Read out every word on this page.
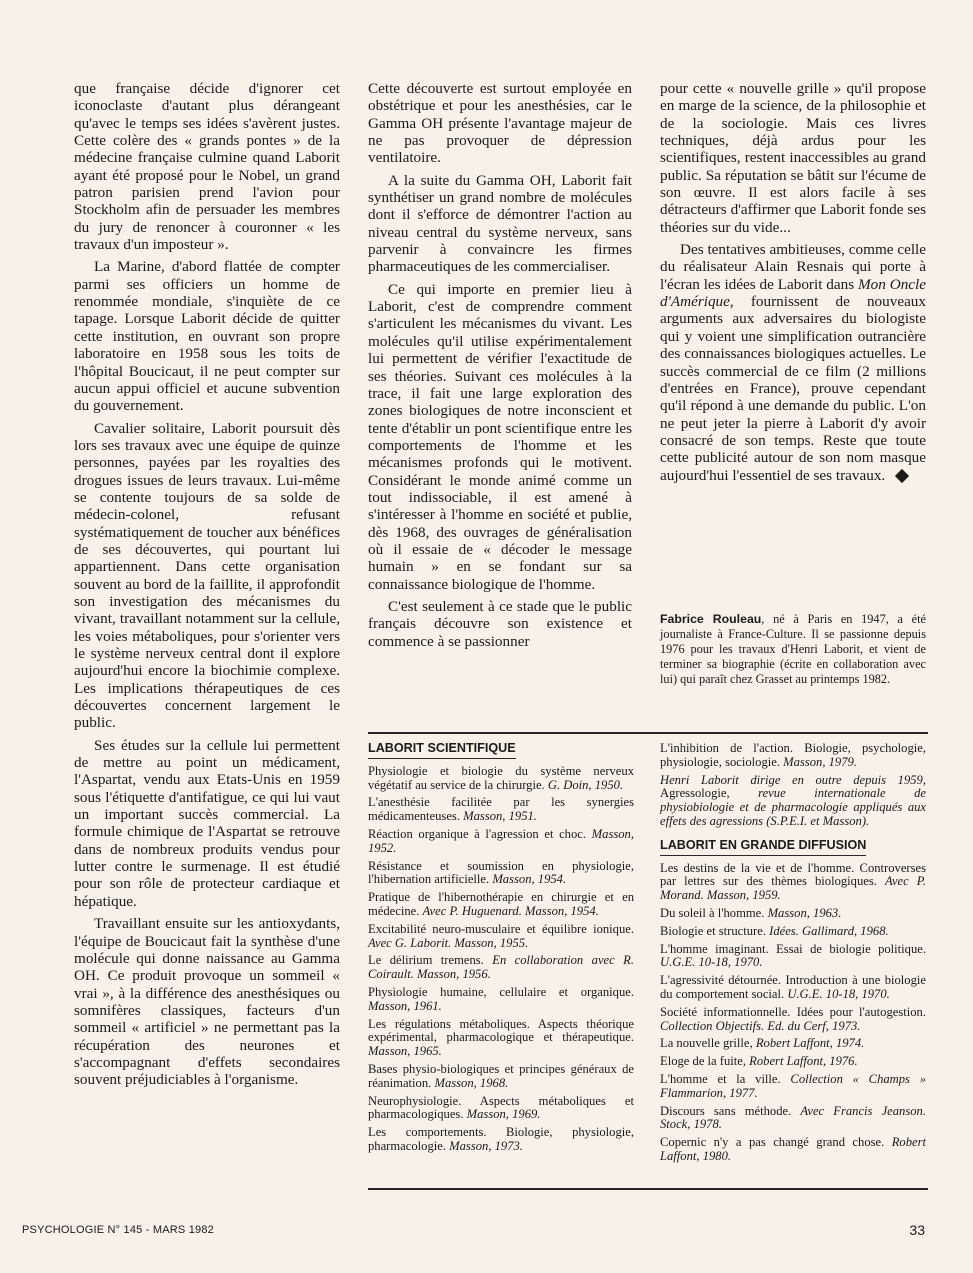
que française décide d'ignorer cet iconoclaste d'autant plus dérangeant qu'avec le temps ses idées s'avèrent justes. Cette colère des « grands pontes » de la médecine française culmine quand Laborit ayant été proposé pour le Nobel, un grand patron parisien prend l'avion pour Stockholm afin de persuader les membres du jury de renoncer à couronner « les travaux d'un imposteur ».

La Marine, d'abord flattée de compter parmi ses officiers un homme de renommée mondiale, s'inquiète de ce tapage. Lorsque Laborit décide de quitter cette institution, en ouvrant son propre laboratoire en 1958 sous les toits de l'hôpital Boucicaut, il ne peut compter sur aucun appui officiel et aucune subvention du gouvernement.

Cavalier solitaire, Laborit poursuit dès lors ses travaux avec une équipe de quinze personnes, payées par les royalties des drogues issues de leurs travaux. Lui-même se contente toujours de sa solde de médecin-colonel, refusant systématiquement de toucher aux bénéfices de ses découvertes, qui pourtant lui appartiennent. Dans cette organisation souvent au bord de la faillite, il approfondit son investigation des mécanismes du vivant, travaillant notamment sur la cellule, les voies métaboliques, pour s'orienter vers le système nerveux central dont il explore aujourd'hui encore la biochimie complexe. Les implications thérapeutiques de ces découvertes concernent largement le public.

Ses études sur la cellule lui permettent de mettre au point un médicament, l'Aspartat, vendu aux Etats-Unis en 1959 sous l'étiquette d'antifatigue, ce qui lui vaut un important succès commercial. La formule chimique de l'Aspartat se retrouve dans de nombreux produits vendus pour lutter contre le surmenage. Il est étudié pour son rôle de protecteur cardiaque et hépatique.

Travaillant ensuite sur les antioxydants, l'équipe de Boucicaut fait la synthèse d'une molécule qui donne naissance au Gamma OH. Ce produit provoque un sommeil « vrai », à la différence des anesthésiques ou somnifères classiques, facteurs d'un sommeil « artificiel » ne permettant pas la récupération des neurones et s'accompagnant d'effets secondaires souvent préjudiciables à l'organisme.

Cette découverte est surtout employée en obstétrique et pour les anesthésies, car le Gamma OH présente l'avantage majeur de ne pas provoquer de dépression ventilatoire.

A la suite du Gamma OH, Laborit fait synthétiser un grand nombre de molécules dont il s'efforce de démontrer l'action au niveau central du système nerveux, sans parvenir à convaincre les firmes pharmaceutiques de les commercialiser.

Ce qui importe en premier lieu à Laborit, c'est de comprendre comment s'articulent les mécanismes du vivant. Les molécules qu'il utilise expérimentalement lui permettent de vérifier l'exactitude de ses théories. Suivant ces molécules à la trace, il fait une large exploration des zones biologiques de notre inconscient et tente d'établir un pont scientifique entre les comportements de l'homme et les mécanismes profonds qui le motivent. Considérant le monde animé comme un tout indissociable, il est amené à s'intéresser à l'homme en société et publie, dès 1968, des ouvrages de généralisation où il essaie de « décoder le message humain » en se fondant sur sa connaissance biologique de l'homme.

C'est seulement à ce stade que le public français découvre son existence et commence à se passionner

pour cette « nouvelle grille » qu'il propose en marge de la science, de la philosophie et de la sociologie. Mais ces livres techniques, déjà ardus pour les scientifiques, restent inaccessibles au grand public. Sa réputation se bâtit sur l'écume de son œuvre. Il est alors facile à ses détracteurs d'affirmer que Laborit fonde ses théories sur du vide...

Des tentatives ambitieuses, comme celle du réalisateur Alain Resnais qui porte à l'écran les idées de Laborit dans Mon Oncle d'Amérique, fournissent de nouveaux arguments aux adversaires du biologiste qui y voient une simplification outrancière des connaissances biologiques actuelles. Le succès commercial de ce film (2 millions d'entrées en France), prouve cependant qu'il répond à une demande du public. L'on ne peut jeter la pierre à Laborit d'y avoir consacré de son temps. Reste que toute cette publicité autour de son nom masque aujourd'hui l'essentiel de ses travaux.

Fabrice Rouleau, né à Paris en 1947, a été journaliste à France-Culture. Il se passionne depuis 1976 pour les travaux d'Henri Laborit, et vient de terminer sa biographie (écrite en collaboration avec lui) qui paraît chez Grasset au printemps 1982.
LABORIT SCIENTIFIQUE
Physiologie et biologie du système nerveux végétatif au service de la chirurgie. G. Doin, 1950.
L'anesthésie facilitée par les synergies médicamenteuses. Masson, 1951.
Réaction organique à l'agression et choc. Masson, 1952.
Résistance et soumission en physiologie, l'hibernation artificielle. Masson, 1954.
Pratique de l'hibernothérapie en chirurgie et en médecine. Avec P. Huguenard. Masson, 1954.
Excitabilité neuro-musculaire et équilibre ionique. Avec G. Laborit. Masson, 1955.
Le délirium tremens. En collaboration avec R. Coirault. Masson, 1956.
Physiologie humaine, cellulaire et organique. Masson, 1961.
Les régulations métaboliques. Aspects théorique expérimental, pharmacologique et thérapeutique. Masson, 1965.
Bases physio-biologiques et principes généraux de réanimation. Masson, 1968.
Neurophysiologie. Aspects métaboliques et pharmacologiques. Masson, 1969.
Les comportements. Biologie, physiologie, pharmacologie. Masson, 1973.
L'inhibition de l'action. Biologie, psychologie, physiologie, sociologie. Masson, 1979.
Henri Laborit dirige en outre depuis 1959, Agressologie, revue internationale de physiobiologie et de pharmacologie appliqués aux effets des agressions (S.P.E.I. et Masson).
LABORIT EN GRANDE DIFFUSION
Les destins de la vie et de l'homme. Controverses par lettres sur des thèmes biologiques. Avec P. Morand. Masson, 1959.
Du soleil à l'homme. Masson, 1963.
Biologie et structure. Idées. Gallimard, 1968.
L'homme imaginant. Essai de biologie politique. U.G.E. 10-18, 1970.
L'agressivité détournée. Introduction à une biologie du comportement social. U.G.E. 10-18, 1970.
Société informationnelle. Idées pour l'autogestion. Collection Objectifs. Ed. du Cerf, 1973.
La nouvelle grille, Robert Laffont, 1974.
Eloge de la fuite, Robert Laffont, 1976.
L'homme et la ville. Collection « Champs » Flammarion, 1977.
Discours sans méthode. Avec Francis Jeanson. Stock, 1978.
Copernic n'y a pas changé grand chose. Robert Laffont, 1980.
PSYCHOLOGIE N° 145 - MARS 1982	33
